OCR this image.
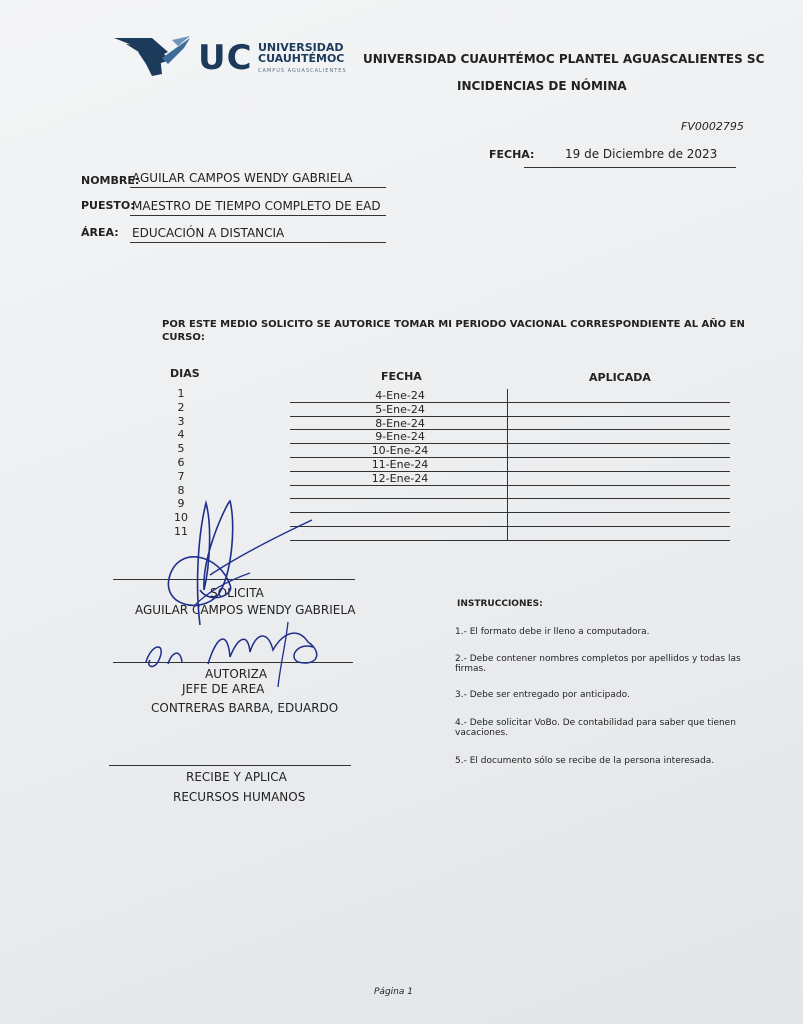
UC UNIVERSIDAD
CUAUHTÉMOC
CAMPUS AGUASCALIENTES
UNIVERSIDAD CUAUHTÉMOC PLANTEL AGUASCALIENTES SC
INCIDENCIAS DE NÓMINA
FV0002795
FECHA:	19 de Diciembre de 2023
NOMBRE:
AGUILAR CAMPOS WENDY GABRIELA
PUESTO:
MAESTRO DE TIEMPO COMPLETO DE EAD
ÁREA: EDUCACIÓN A DISTANCIA
POR ESTE MEDIO SOLICITO SE AUTORICE TOMAR MI PERIODO VACIONAL CORRESPONDIENTE AL AÑO EN
CURSO:
DIAS	FECHA	APLICADA
1	4-Ene-24
2	5-Ene-24
3	8-Ene-24
4	9-Ene-24
5	10-Ene-24
6	11-Ene-24
7	12-Ene-24
8
9
10
11
SOLICITA
AGUILAR CAMPOS WENDY GABRIELA
AUTORIZA
JEFE DE AREA
CONTRERAS BARBA, EDUARDO
RECIBE Y APLICA
RECURSOS HUMANOS
INSTRUCCIONES:
1.- El formato debe ir lleno a computadora.
2.- Debe contener nombres completos por apellidos y todas las
firmas.
3.- Debe ser entregado por anticipado.
4.- Debe solicitar VoBo. De contabilidad para saber que tienen
vacaciones.
5.- El documento sólo se recibe de la persona interesada.
Página 1
